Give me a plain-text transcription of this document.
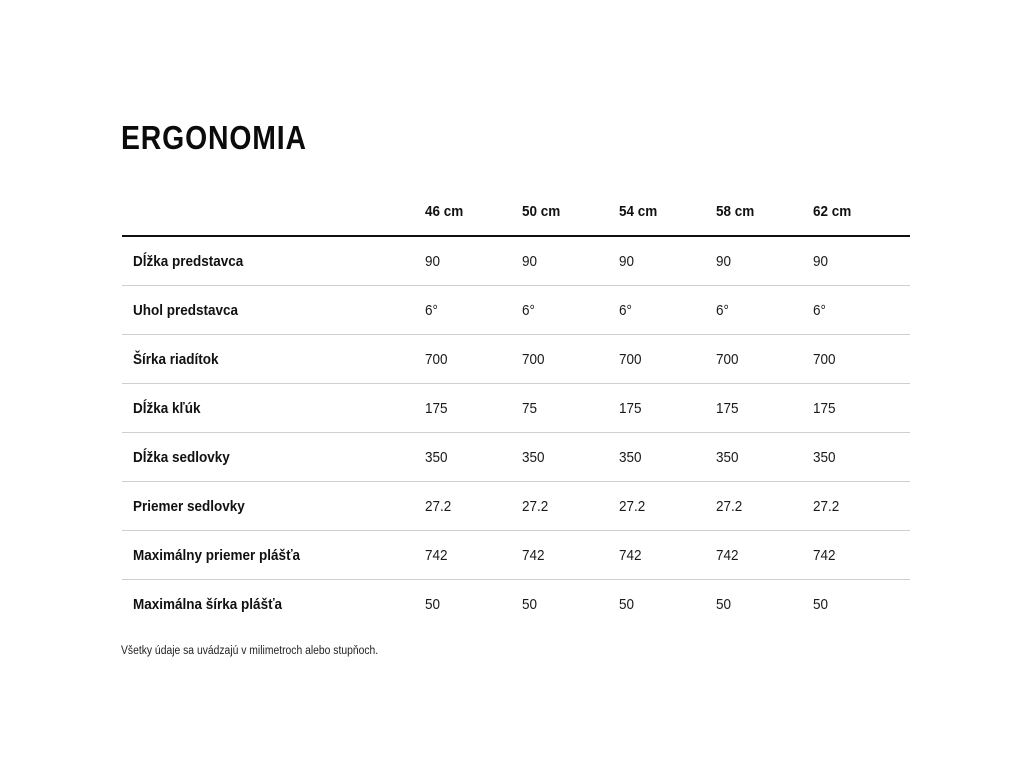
ERGONOMIA
	46 cm	50 cm	54 cm	58 cm	62 cm
Dĺžka predstavca	90	90	90	90	90
Uhol predstavca	6°	6°	6°	6°	6°
Šírka riadítok	700	700	700	700	700
Dĺžka kľúk	175	75	175	175	175
Dĺžka sedlovky	350	350	350	350	350
Priemer sedlovky	27.2	27.2	27.2	27.2	27.2
Maximálny priemer plášťa	742	742	742	742	742
Maximálna šírka plášťa	50	50	50	50	50

Všetky údaje sa uvádzajú v milimetroch alebo stupňoch.
